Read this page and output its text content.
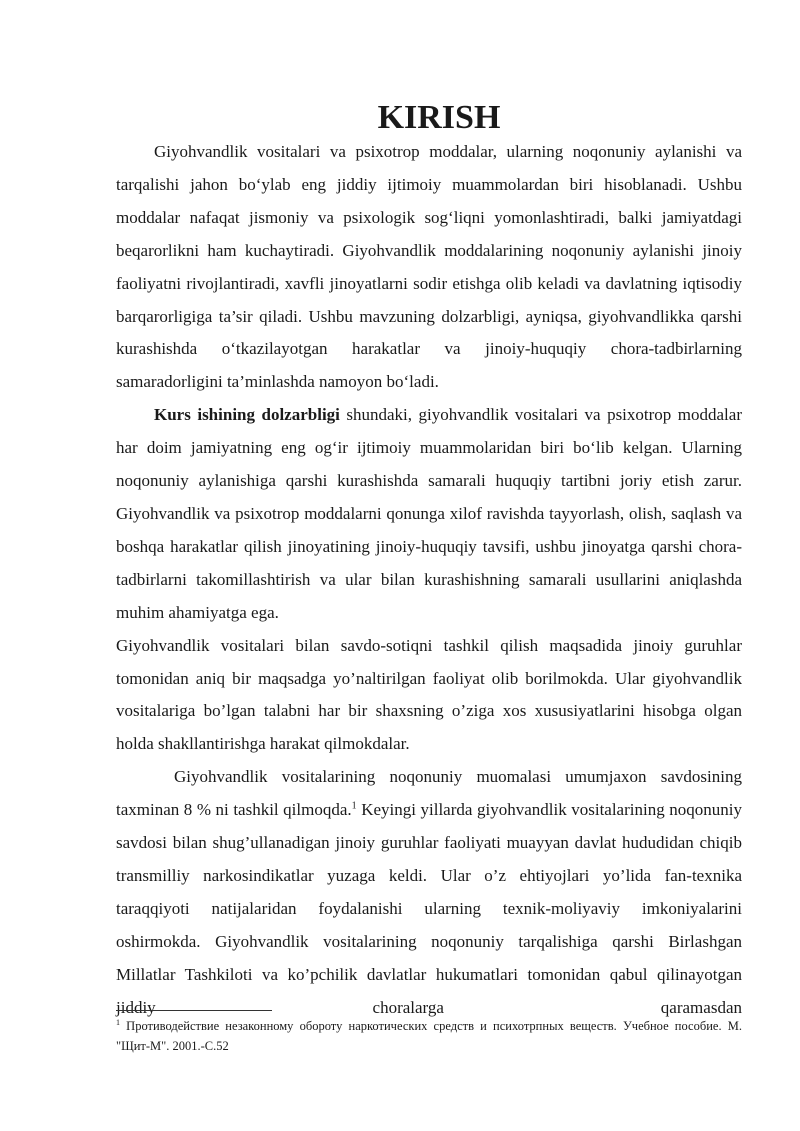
KIRISH

Giyohvandlik vositalari va psixotrop moddalar, ularning noqonuniy aylanishi va tarqalishi jahon bo‘ylab eng jiddiy ijtimoiy muammolardan biri hisoblanadi. Ushbu moddalar nafaqat jismoniy va psixologik sog‘liqni yomonlashtiradi, balki jamiyatdagi beqarorlikni ham kuchaytiradi. Giyohvandlik moddalarining noqonuniy aylanishi jinoiy faoliyatni rivojlantiradi, xavfli jinoyatlarni sodir etishga olib keladi va davlatning iqtisodiy barqarorligiga ta’sir qiladi. Ushbu mavzuning dolzarbligi, ayniqsa, giyohvandlikka qarshi kurashishda o‘tkazilayotgan harakatlar va jinoiy-huquqiy chora-tadbirlarning samaradorligini ta’minlashda namoyon bo‘ladi.

Kurs ishining dolzarbligi shundaki, giyohvandlik vositalari va psixotrop moddalar har doim jamiyatning eng og‘ir ijtimoiy muammolaridan biri bo‘lib kelgan. Ularning noqonuniy aylanishiga qarshi kurashishda samarali huquqiy tartibni joriy etish zarur. Giyohvandlik va psixotrop moddalarni qonunga xilof ravishda tayyorlash, olish, saqlash va boshqa harakatlar qilish jinoyatining jinoiy-huquqiy tavsifi, ushbu jinoyatga qarshi chora-tadbirlarni takomillashtirish va ular bilan kurashishning samarali usullarini aniqlashda muhim ahamiyatga ega.

Giyohvandlik vositalari bilan savdo-sotiqni tashkil qilish maqsadida jinoiy guruhlar tomonidan aniq bir maqsadga yo’naltirilgan faoliyat olib borilmokda. Ular giyohvandlik vositalariga bo’lgan talabni har bir shaxsning o’ziga xos xususiyatlarini hisobga olgan holda shakllantirishga harakat qilmokdalar.

Giyohvandlik vositalarining noqonuniy muomalasi umumjaxon savdosining taxminan 8 % ni tashkil qilmoqda.$^1$ Keyingi yillarda giyohvandlik vositalarining noqonuniy savdosi bilan shug’ullanadigan jinoiy guruhlar faoliyati muayyan davlat hududidan chiqib transmilliy narkosindikatlar yuzaga keldi. Ular o’z ehtiyojlari yo’lida fan-texnika taraqqiyoti natijalaridan foydalanishi ularning texnik-moliyaviy imkoniyalarini oshirmokda. Giyohvandlik vositalarining noqonuniy tarqalishiga qarshi Birlashgan Millatlar Tashkiloti va ko’pchilik davlatlar hukumatlari tomonidan qabul qilinayotgan jiddiy choralarga qaramasdan

$^1$ Противодействие незаконному обороту наркотических средств и психотрпных веществ. Учебное пособие. М. "Щит-М". 2001.-С.52
